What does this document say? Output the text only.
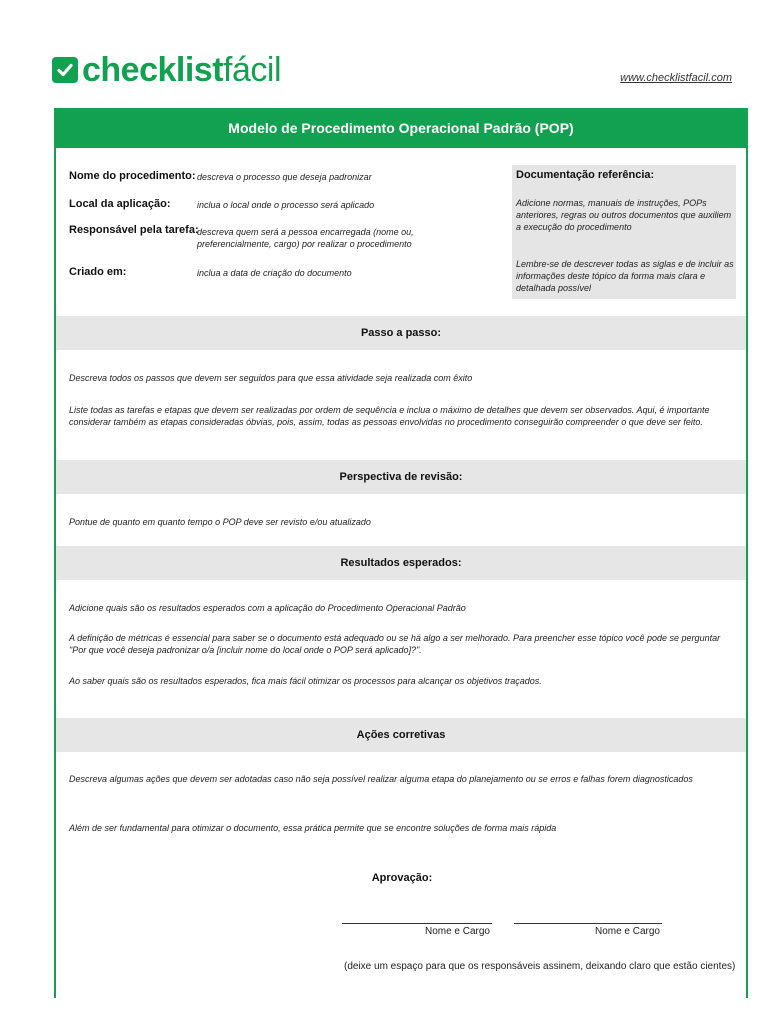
checklist fácil	www.checklistfacil.com
Modelo de Procedimento Operacional Padrão (POP)
Nome do procedimento: descreva o processo que deseja padronizar
Local da aplicação:	inclua o local onde o processo será aplicado
Responsável pela tarefa:
descreva quem será a pessoa encarregada (nome ou, preferencialmente, cargo) por realizar o procedimento
Criado em:	inclua a data de criação do documento
Documentação referência:
Adicione normas, manuais de instruções, POPs anteriores, regras ou outros documentos que auxiliem a execução do procedimento
Lembre-se de descrever todas as siglas e de incluir as informações deste tópico da forma mais clara e detalhada possível
Passo a passo:
Descreva todos os passos que devem ser seguidos para que essa atividade seja realizada com êxito
Liste todas as tarefas e etapas que devem ser realizadas por ordem de sequência e inclua o máximo de detalhes que devem ser observados. Aqui, é importante considerar também as etapas consideradas óbvias, pois, assim, todas as pessoas envolvidas no procedimento conseguirão compreender o que deve ser feito.
Perspectiva de revisão:
Pontue de quanto em quanto tempo o POP deve ser revisto e/ou atualizado
Resultados esperados:
Adicione quais são os resultados esperados com a aplicação do Procedimento Operacional Padrão
A definição de métricas é essencial para saber se o documento está adequado ou se há algo a ser melhorado. Para preencher esse tópico você pode se perguntar "Por que você deseja padronizar o/a [incluir nome do local onde o POP será aplicado]?".
Ao saber quais são os resultados esperados, fica mais fácil otimizar os processos para alcançar os objetivos traçados.
Ações corretivas
Descreva algumas ações que devem ser adotadas caso não seja possível realizar alguma etapa do planejamento ou se erros e falhas forem diagnosticados
Além de ser fundamental para otimizar o documento, essa prática permite que se encontre soluções de forma mais rápida
Aprovação:
Nome e Cargo	Nome e Cargo
(deixe um espaço para que os responsáveis assinem, deixando claro que estão cientes)
